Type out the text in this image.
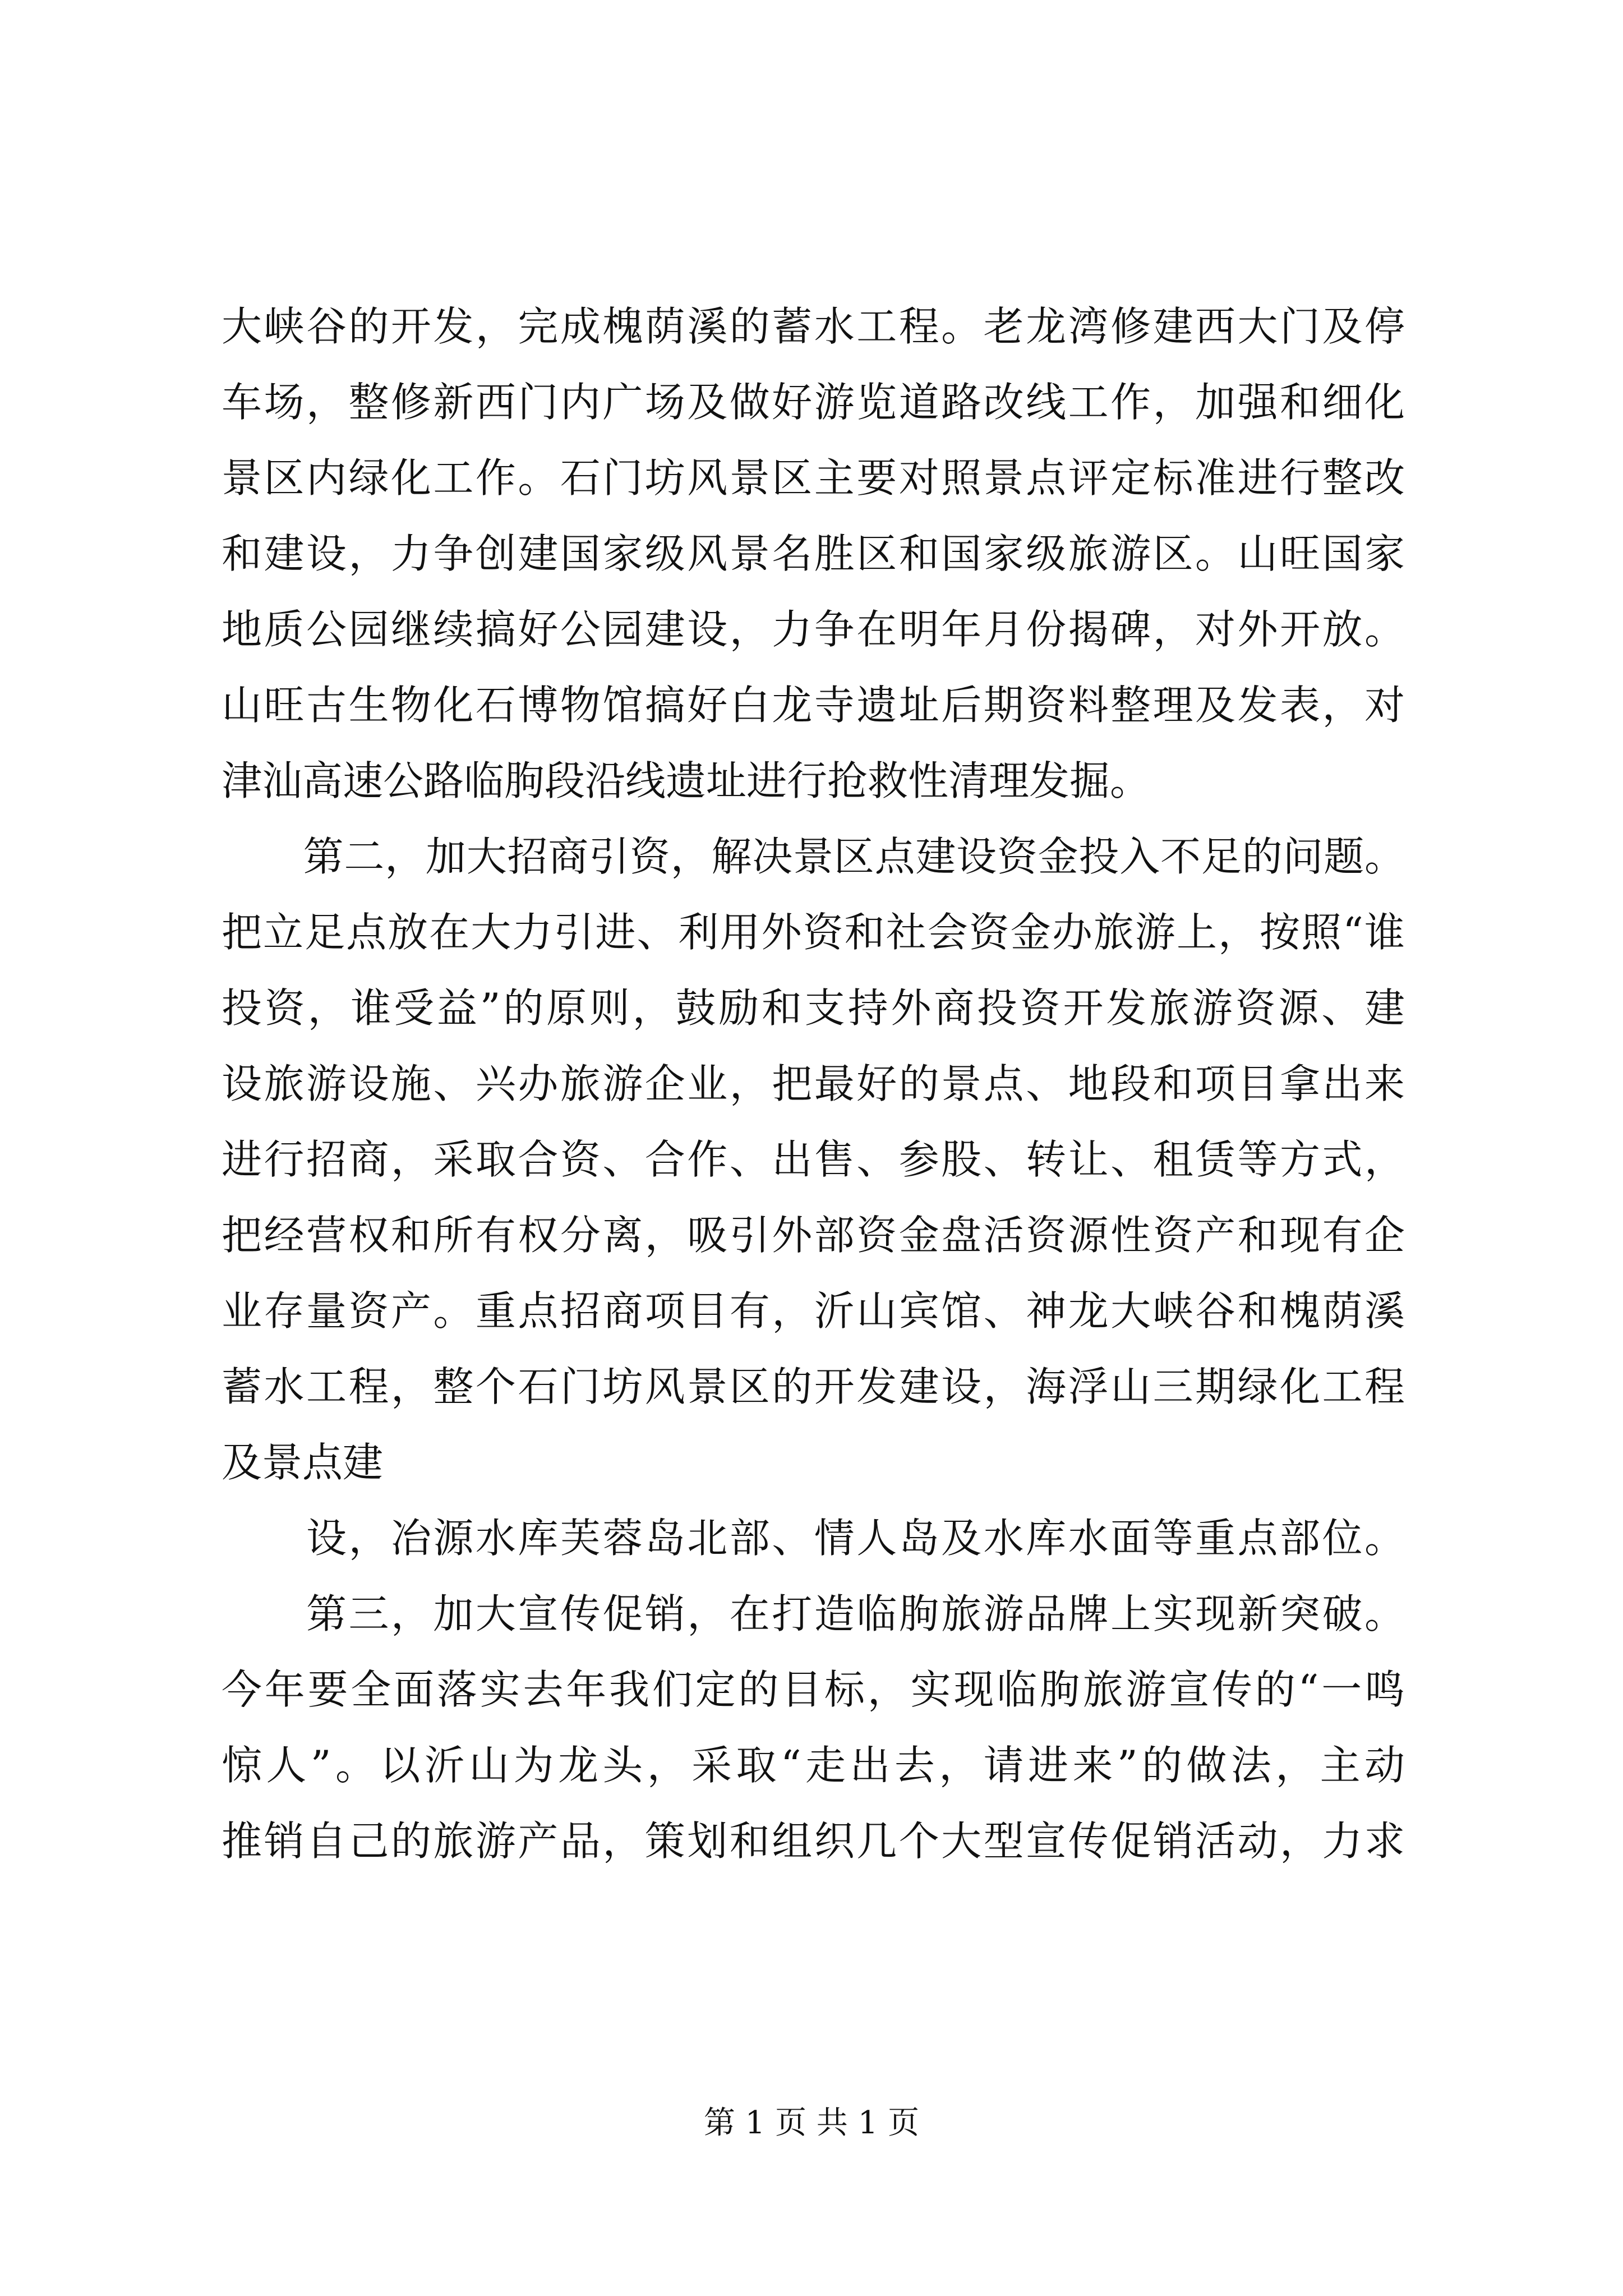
大峡谷的开发，完成槐荫溪的蓄水工程。老龙湾修建西大门及停
车场，整修新西门内广场及做好游览道路改线工作，加强和细化
景区内绿化工作。石门坊风景区主要对照景点评定标准进行整改
和建设，力争创建国家级风景名胜区和国家级旅游区。山旺国家
地质公园继续搞好公园建设，力争在明年月份揭碑，对外开放。
山旺古生物化石博物馆搞好白龙寺遗址后期资料整理及发表，对
津汕高速公路临朐段沿线遗址进行抢救性清理发掘。
　　第二，加大招商引资，解决景区点建设资金投入不足的问题。
把立足点放在大力引进、利用外资和社会资金办旅游上，按照“谁
投资，谁受益”的原则，鼓励和支持外商投资开发旅游资源、建
设旅游设施、兴办旅游企业，把最好的景点、地段和项目拿出来
进行招商，采取合资、合作、出售、参股、转让、租赁等方式，
把经营权和所有权分离，吸引外部资金盘活资源性资产和现有企
业存量资产。重点招商项目有，沂山宾馆、神龙大峡谷和槐荫溪
蓄水工程，整个石门坊风景区的开发建设，海浮山三期绿化工程
及景点建
　　设，冶源水库芙蓉岛北部、情人岛及水库水面等重点部位。
　　第三，加大宣传促销，在打造临朐旅游品牌上实现新突破。
今年要全面落实去年我们定的目标，实现临朐旅游宣传的“一鸣
惊人”。以沂山为龙头，采取“走出去，请进来”的做法，主动
推销自己的旅游产品，策划和组织几个大型宣传促销活动，力求
第 1 页 共 1 页
